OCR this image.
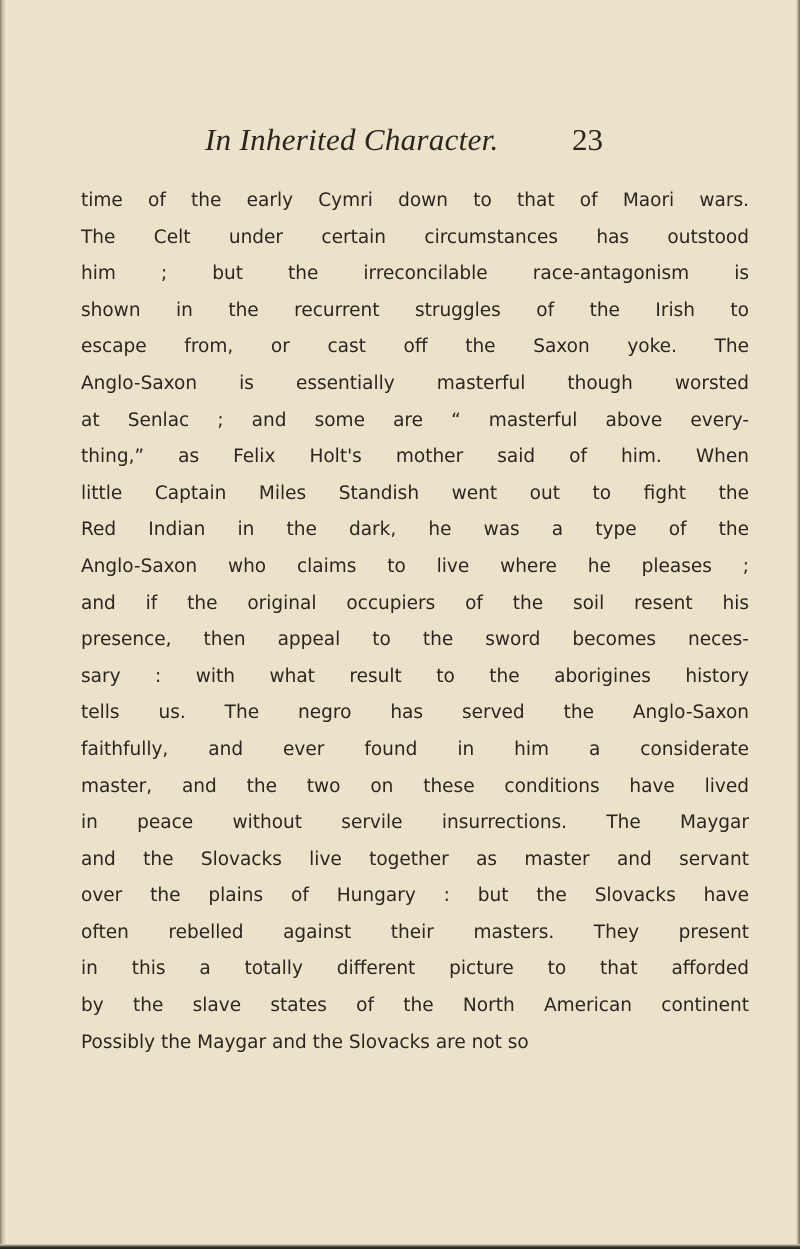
In Inherited Character. 23
time of the early Cymri down to that of Maori wars.
The Celt under certain circumstances has outstood
him ; but the irreconcilable race-antagonism is
shown in the recurrent struggles of the Irish to
escape from, or cast off the Saxon yoke. The
Anglo-Saxon is essentially masterful though worsted
at Senlac ; and some are “ masterful above every-
thing,” as Felix Holt's mother said of him. When
little Captain Miles Standish went out to fight the
Red Indian in the dark, he was a type of the
Anglo-Saxon who claims to live where he pleases ;
and if the original occupiers of the soil resent his
presence, then appeal to the sword becomes neces-
sary : with what result to the aborigines history
tells us. The negro has served the Anglo-Saxon
faithfully, and ever found in him a considerate
master, and the two on these conditions have lived
in peace without servile insurrections. The Maygar
and the Slovacks live together as master and servant
over the plains of Hungary : but the Slovacks have
often rebelled against their masters. They present
in this a totally different picture to that afforded
by the slave states of the North American continent
Possibly the Maygar and the Slovacks are not so
